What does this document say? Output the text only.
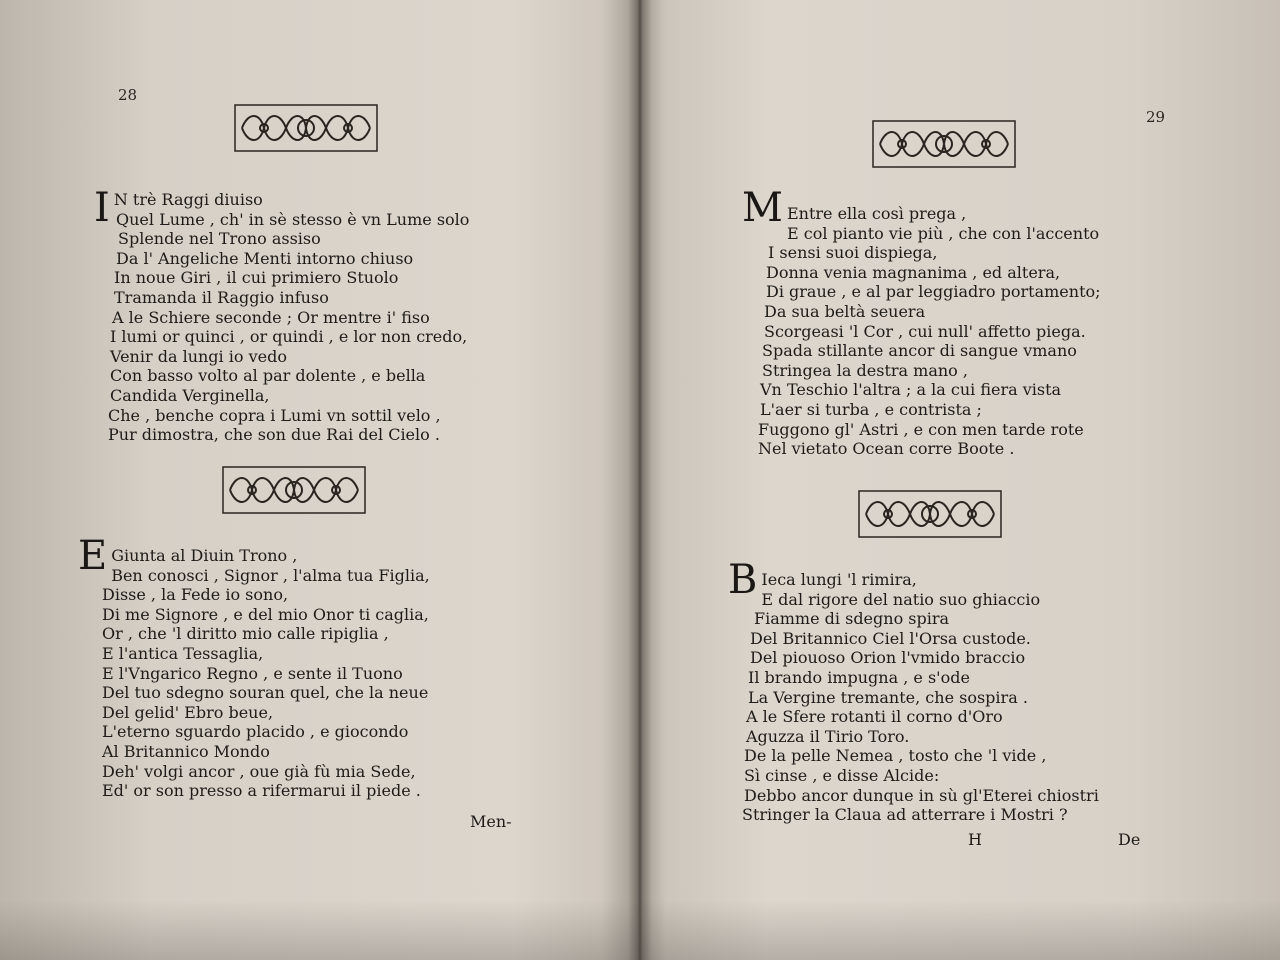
28
I N trè Raggi diuiso
Quel Lume , ch' in sè stesso è vn Lume solo
Splende nel Trono assiso
Da l' Angeliche Menti intorno chiuso
In noue Giri , il cui primiero Stuolo
Tramanda il Raggio infuso
A le Schiere seconde ; Or mentre i' fiso
I lumi or quinci , or quindi , e lor non credo,
Venir da lungi io vedo
Con basso volto al par dolente , e bella
Candida Verginella,
Che , benche copra i Lumi vn sottil velo ,
Pur dimostra, che son due Rai del Cielo .
E Giunta al Diuin Trono ,
Ben conosci , Signor , l'alma tua Figlia,
Disse , la Fede io sono,
Di me Signore , e del mio Onor ti caglia,
Or , che 'l diritto mio calle ripiglia ,
E l'antica Tessaglia,
E l'Vngarico Regno , e sente il Tuono
Del tuo sdegno souran quel, che la neue
Del gelid' Ebro beue,
L'eterno sguardo placido , e giocondo
Al Britannico Mondo
Deh' volgi ancor , oue già fù mia Sede,
Ed' or son presso a rifermarui il piede .
Men-
29
M Entre ella così prega ,
E col pianto vie più , che con l'accento
I sensi suoi dispiega,
Donna venia magnanima , ed altera,
Di graue , e al par leggiadro portamento;
Da sua beltà seuera
Scorgeasi 'l Cor , cui null' affetto piega.
Spada stillante ancor di sangue vmano
Stringea la destra mano ,
Vn Teschio l'altra ; a la cui fiera vista
L'aer si turba , e contrista ;
Fuggono gl' Astri , e con men tarde rote
Nel vietato Ocean corre Boote .
B Ieca lungi 'l rimira,
E dal rigore del natio suo ghiaccio
Fiamme di sdegno spira
Del Britannico Ciel l'Orsa custode.
Del piouoso Orion l'vmido braccio
Il brando impugna , e s'ode
La Vergine tremante, che sospira .
A le Sfere rotanti il corno d'Oro
Aguzza il Tirio Toro.
De la pelle Nemea , tosto che 'l vide ,
Sì cinse , e disse Alcide:
Debbo ancor dunque in sù gl'Eterei chiostri
Stringer la Claua ad atterrare i Mostri ?
H	De
